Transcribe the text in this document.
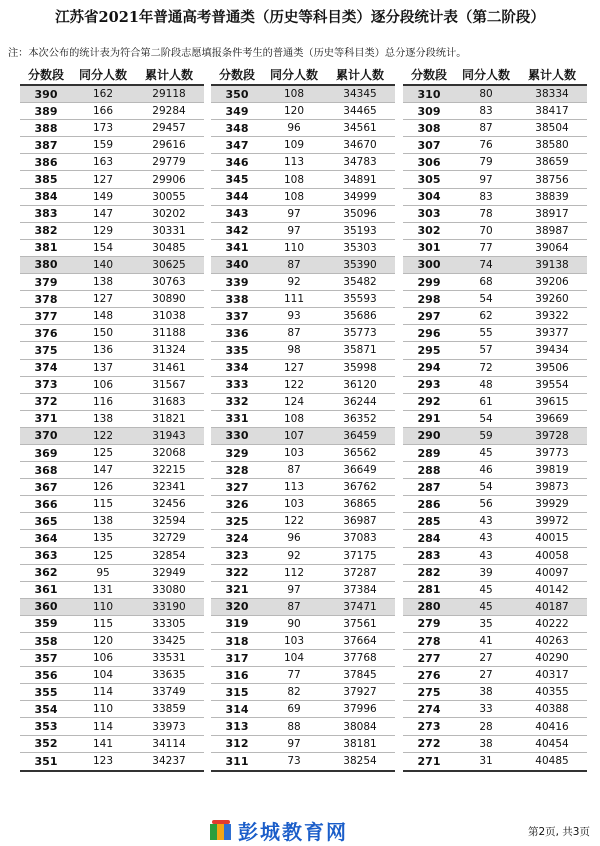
江苏省2021年普通高考普通类（历史等科目类）逐分段统计表（第二阶段）
注：本次公布的统计表为符合第二阶段志愿填报条件考生的普通类（历史等科目类）总分逐分段统计。
分数段	同分人数	累计人数
390	162	29118
389	166	29284
388	173	29457
387	159	29616
386	163	29779
385	127	29906
384	149	30055
383	147	30202
382	129	30331
381	154	30485
380	140	30625
379	138	30763
378	127	30890
377	148	31038
376	150	31188
375	136	31324
374	137	31461
373	106	31567
372	116	31683
371	138	31821
370	122	31943
369	125	32068
368	147	32215
367	126	32341
366	115	32456
365	138	32594
364	135	32729
363	125	32854
362	95	32949
361	131	33080
360	110	33190
359	115	33305
358	120	33425
357	106	33531
356	104	33635
355	114	33749
354	110	33859
353	114	33973
352	141	34114
351	123	34237
分数段	同分人数	累计人数
350	108	34345
349	120	34465
348	96	34561
347	109	34670
346	113	34783
345	108	34891
344	108	34999
343	97	35096
342	97	35193
341	110	35303
340	87	35390
339	92	35482
338	111	35593
337	93	35686
336	87	35773
335	98	35871
334	127	35998
333	122	36120
332	124	36244
331	108	36352
330	107	36459
329	103	36562
328	87	36649
327	113	36762
326	103	36865
325	122	36987
324	96	37083
323	92	37175
322	112	37287
321	97	37384
320	87	37471
319	90	37561
318	103	37664
317	104	37768
316	77	37845
315	82	37927
314	69	37996
313	88	38084
312	97	38181
311	73	38254
分数段	同分人数	累计人数
310	80	38334
309	83	38417
308	87	38504
307	76	38580
306	79	38659
305	97	38756
304	83	38839
303	78	38917
302	70	38987
301	77	39064
300	74	39138
299	68	39206
298	54	39260
297	62	39322
296	55	39377
295	57	39434
294	72	39506
293	48	39554
292	61	39615
291	54	39669
290	59	39728
289	45	39773
288	46	39819
287	54	39873
286	56	39929
285	43	39972
284	43	40015
283	43	40058
282	39	40097
281	45	40142
280	45	40187
279	35	40222
278	41	40263
277	27	40290
276	27	40317
275	38	40355
274	33	40388
273	28	40416
272	38	40454
271	31	40485
彭城教育网	第2页, 共3页
